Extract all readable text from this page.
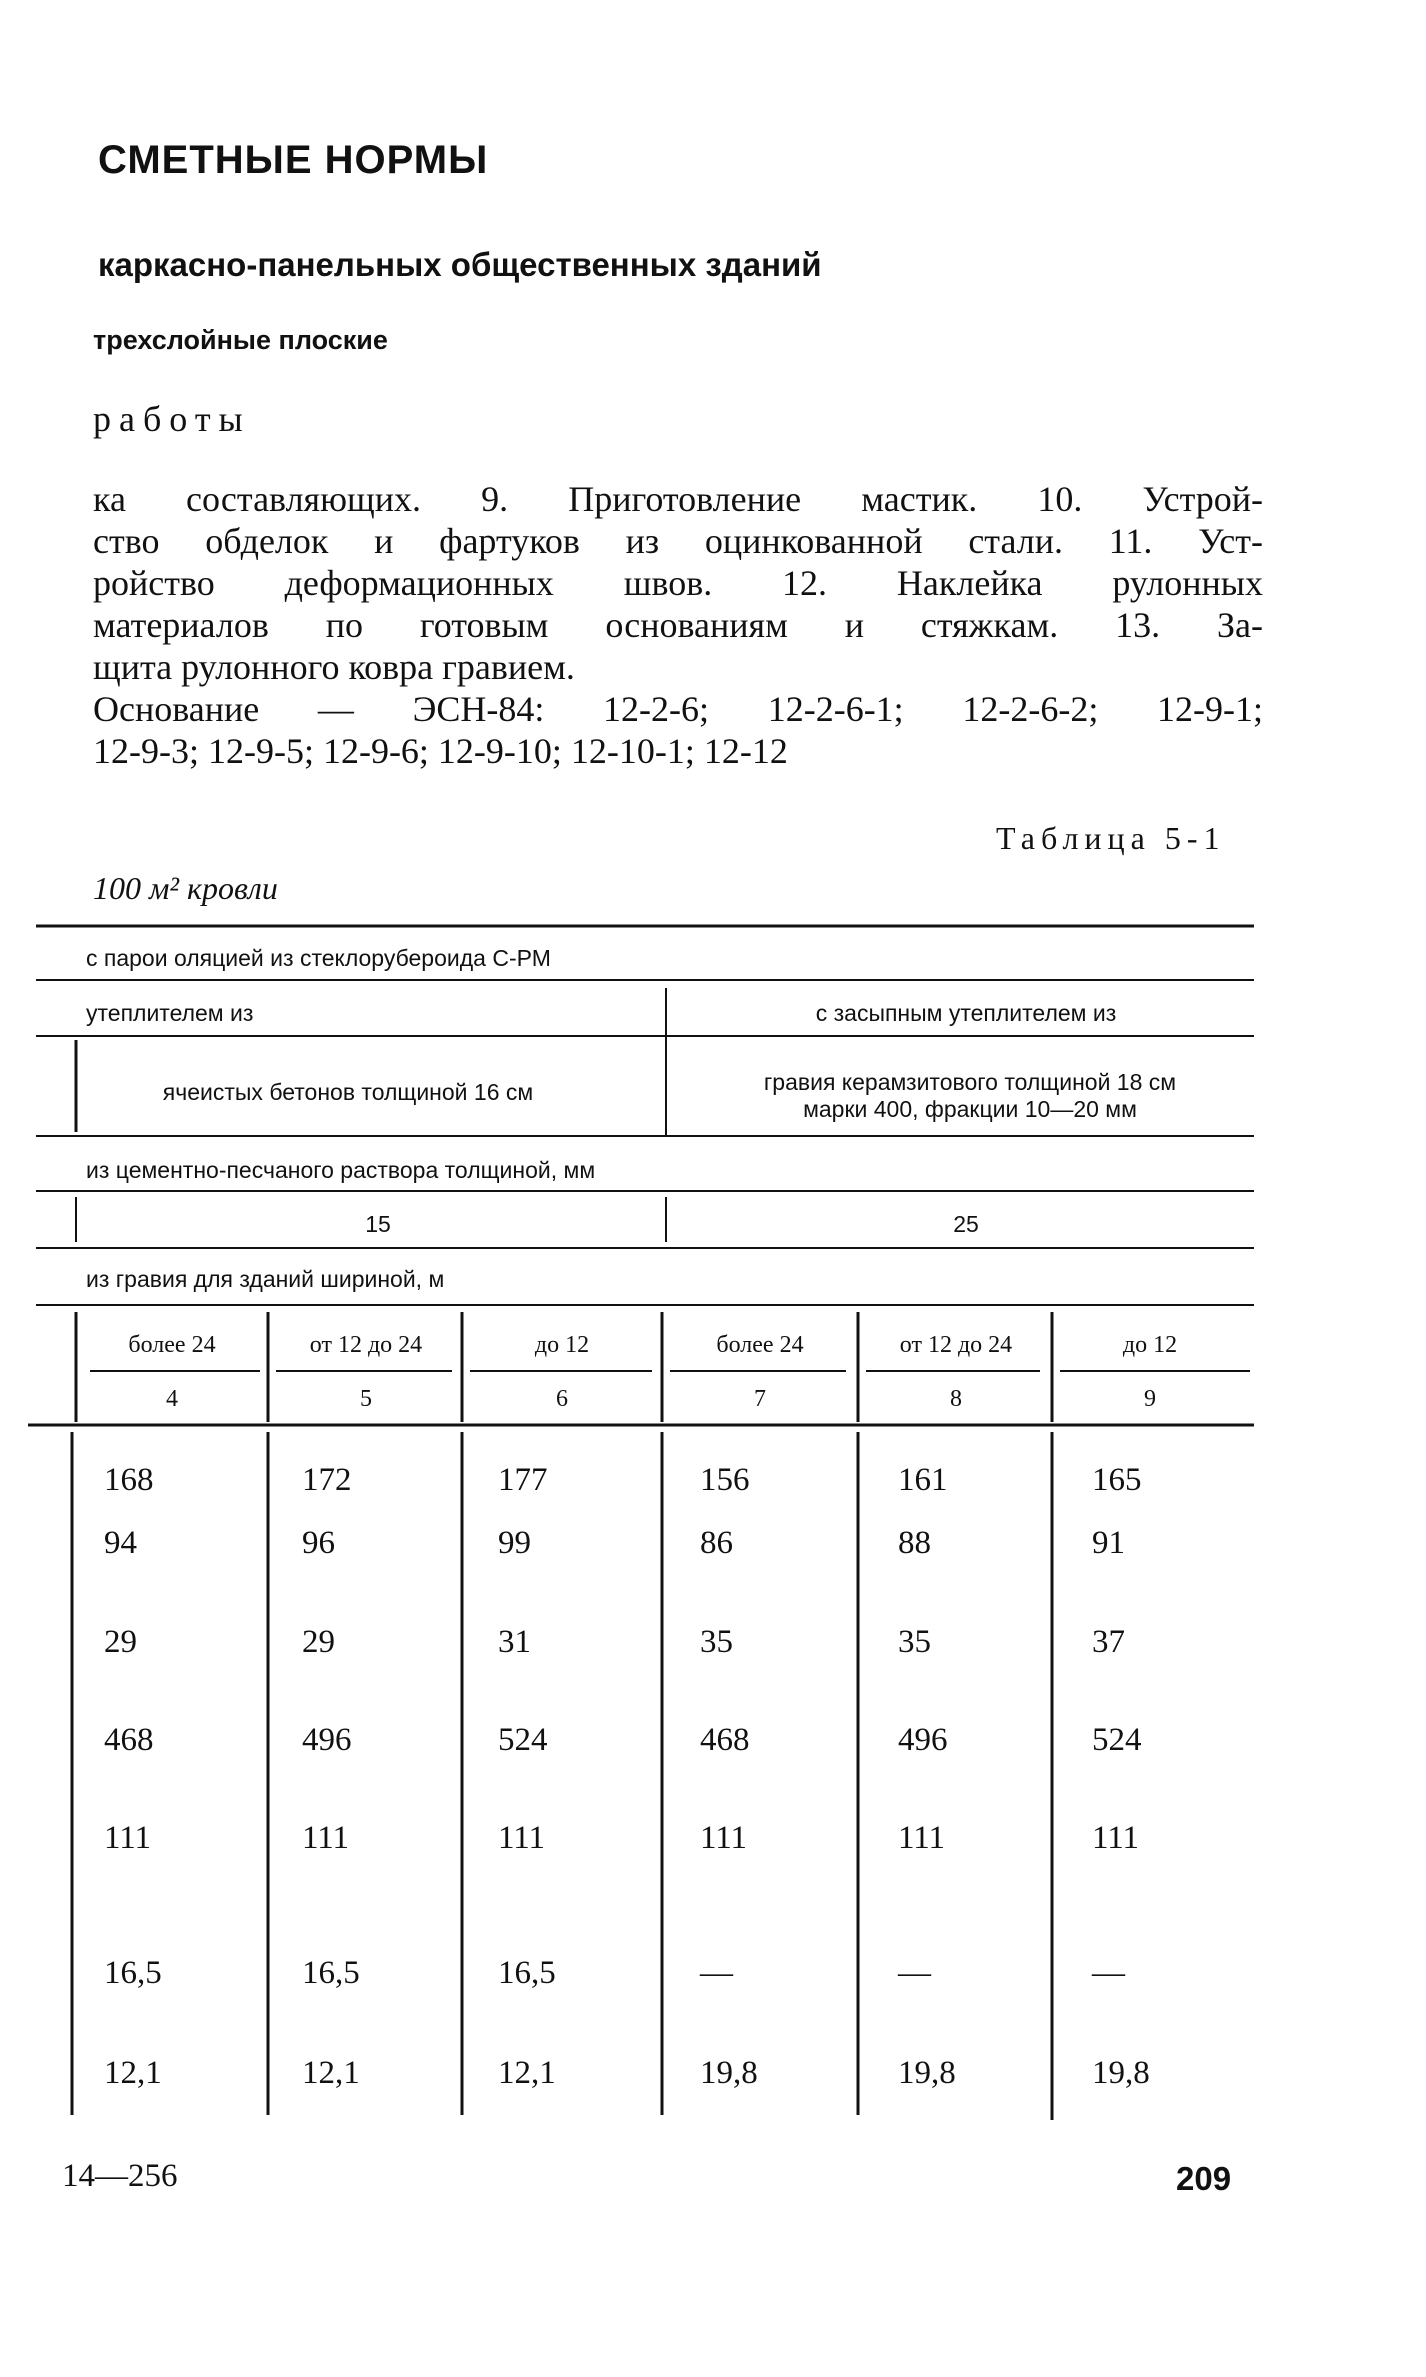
СМЕТНЫЕ НОРМЫ
каркасно-панельных общественных зданий
трехслойные плоские
работы
ка составляющих. 9. Приготовление мастик. 10. Устрой-
ство обделок и фартуков из оцинкованной стали. 11. Уст-
ройство деформационных швов. 12. Наклейка рулонных
материалов по готовым основаниям и стяжкам. 13. За-
щита рулонного ковра гравием.
Основание — ЭСН-84: 12-2-6; 12-2-6-1; 12-2-6-2; 12-9-1;
12-9-3; 12-9-5; 12-9-6; 12-9-10; 12-10-1; 12-12
Таблица 5-1
100 м² кровли
с парои оляцией из стеклорубероида С-РМ
утеплителем из	с засыпным утеплителем из
ячеистых бетонов толщиной 16 см	гравия керамзитового толщиной 18 см
марки 400, фракции 10—20 мм
из цементно-песчаного раствора толщиной, мм
15	25
из гравия для зданий шириной, м
более 24	от 12 до 24	до 12	более 24	от 12 до 24	до 12
4	5	6	7	8	9
168	172	177	156	161	165
94	96	99	86	88	91
29	29	31	35	35	37
468	496	524	468	496	524
111	111	111	111	111	111
16,5	16,5	16,5	—	—	—
12,1	12,1	12,1	19,8	19,8	19,8
14—256	209
